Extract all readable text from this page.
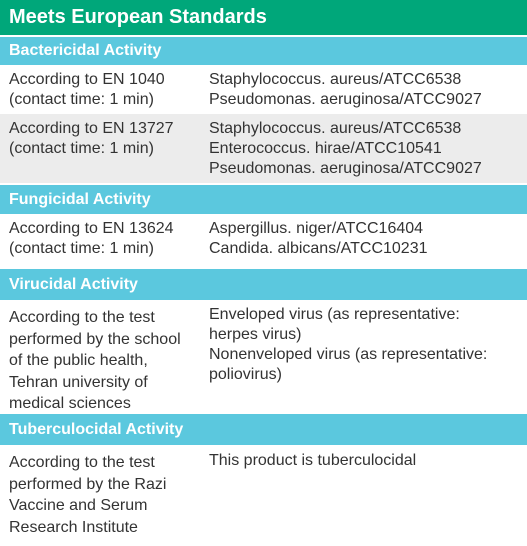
Meets European Standards
Bactericidal Activity
According to EN 1040
(contact time: 1 min)
Staphylococcus. aureus/ATCC6538
Pseudomonas. aeruginosa/ATCC9027
According to EN 13727
(contact time: 1 min)
Staphylococcus. aureus/ATCC6538
Enterococcus. hirae/ATCC10541
Pseudomonas. aeruginosa/ATCC9027
Fungicidal Activity
According to EN 13624
(contact time: 1 min)
Aspergillus. niger/ATCC16404
Candida. albicans/ATCC10231
Virucidal Activity
According to the test
performed by the school
of the public health,
Tehran university of
medical sciences
Enveloped virus (as representative:
herpes virus)
Nonenveloped virus (as representative:
poliovirus)
Tuberculocidal Activity
According to the test
performed by the Razi
Vaccine and Serum
Research Institute
This product is tuberculocidal
